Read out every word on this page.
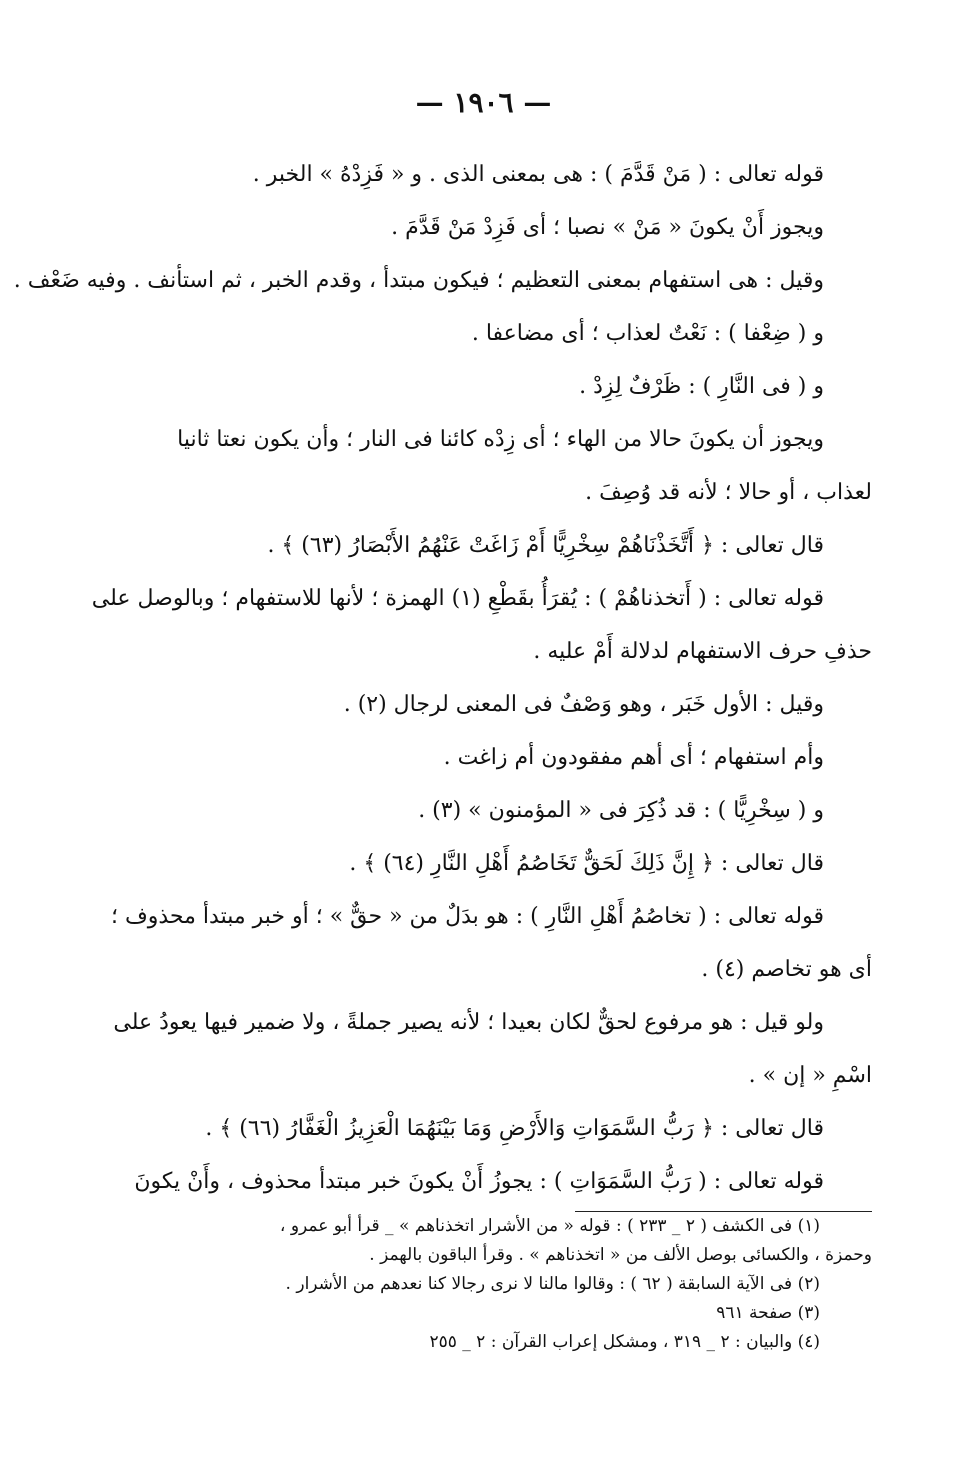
— ١٩٠٦ —

قوله تعالى : ( مَنْ قَدَّمَ ) : هى بمعنى الذى . و « فَزِدْهُ » الخبر .

ويجوز أَنْ يكونَ « مَنْ » نصبا ؛ أى فَزِدْ مَنْ قَدَّمَ .

وقيل : هى استفهام بمعنى التعظيم ؛ فيكون مبتدأ ، وقدم الخبر ، ثم استأنف . وفيه ضَعْف .

و ( ضِعْفا ) : نَعْتٌ لعذاب ؛ أى مضاعفا .

و ( فى النَّارِ ) : ظَرْفٌ لِزِدْ .

ويجوز أن يكونَ حالا من الهاء ؛ أى زِدْه كائنا فى النار ؛ وأن يكون نعتا ثانيا

لعذاب ، أو حالا ؛ لأنه قد وُصِفَ .

قال تعالى : ﴿ أَتَّخَذْنَاهُمْ سِخْرِيًّا أَمْ زَاغَتْ عَنْهُمُ الأَبْصَارُ (٦٣) ﴾ .

قوله تعالى : ( أَتخذناهُمْ ) : يُقرَأُ بقَطْعِ (١) الهمزة ؛ لأنها للاستفهام ؛ وبالوصل على

حذفِ حرف الاستفهام لدلالة أَمْ عليه .

وقيل : الأول خَبَر ، وهو وَصْفٌ فى المعنى لرجال (٢) .

وأم استفهام ؛ أى أهم مفقودون أم زاغت .

و ( سِخْرِيًّا ) : قد ذُكِرَ فى « المؤمنون » (٣) .

قال تعالى : ﴿ إِنَّ ذَلِكَ لَحَقٌّ تَخَاصُمُ أَهْلِ النَّارِ (٦٤) ﴾ .

قوله تعالى : ( تخاصُمُ أَهْلِ النَّارِ ) : هو بدَلٌ من « حقٌّ » ؛ أو خبر مبتدأ محذوف ؛

أى هو تخاصم (٤) .

ولو قيل : هو مرفوع لحقٌّ لكان بعيدا ؛ لأنه يصير جملةً ، ولا ضمير فيها يعودُ على

اسْمِ « إن » .

قال تعالى : ﴿ رَبُّ السَّمَوَاتِ وَالأَرْضِ وَمَا بَيْنَهُمَا الْعَزِيزُ الْغَفَّارُ (٦٦) ﴾ .

قوله تعالى : ( رَبُّ السَّمَوَاتِ ) : يجوزُ أَنْ يكونَ خبر مبتدأ محذوف ، وأَنْ يكونَ

(١) فى الكشف ( ٢ _ ٢٣٣ ) : قوله « من الأشرار اتخذناهم » _ قرأ أبو عمرو ،

وحمزة ، والكسائى بوصل الألف من « اتخذناهم » . وقرأ الباقون بالهمز .

(٢) فى الآية السابقة ( ٦٢ ) : وقالوا مالنا لا نرى رجالا كنا نعدهم من الأشرار .

(٣) صفحة ٩٦١

(٤) والبيان : ٢ _ ٣١٩ ، ومشكل إعراب القرآن : ٢ _ ٢٥٥
